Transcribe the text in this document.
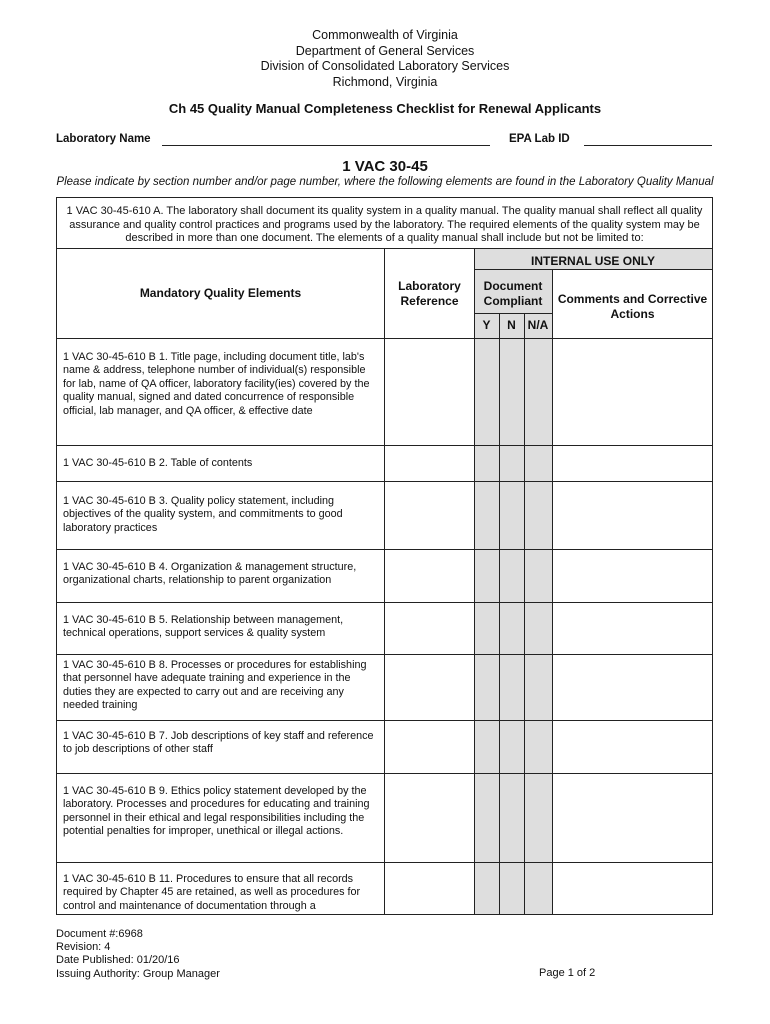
Commonwealth of Virginia
Department of General Services
Division of Consolidated Laboratory Services
Richmond, Virginia
Ch 45 Quality Manual Completeness Checklist for Renewal Applicants
Laboratory Name	EPA Lab ID
1 VAC 30-45
Please indicate by section number and/or page number, where the following elements are found in the Laboratory Quality Manual
1 VAC 30-45-610 A. The laboratory shall document its quality system in a quality manual. The quality manual shall reflect all quality assurance and quality control practices and programs used by the laboratory. The required elements of the quality system may be described in more than one document. The elements of a quality manual shall include but not be limited to:
Mandatory Quality Elements	Laboratory Reference
INTERNAL USE ONLY
Document Compliant
Y	N N/A
Comments and Corrective Actions
1 VAC 30-45-610 B 1. Title page, including document title, lab's name & address, telephone number of individual(s) responsible for lab, name of QA officer, laboratory facility(ies) covered by the quality manual, signed and dated concurrence of responsible official, lab manager, and QA officer, & effective date
1 VAC 30-45-610 B 2. Table of contents
1 VAC 30-45-610 B 3. Quality policy statement, including objectives of the quality system, and commitments to good laboratory practices
1 VAC 30-45-610 B 4. Organization & management structure, organizational charts, relationship to parent organization
1 VAC 30-45-610 B 5. Relationship between management, technical operations, support services & quality system
1 VAC 30-45-610 B 8. Processes or procedures for establishing that personnel have adequate training and experience in the duties they are expected to carry out and are receiving any needed training
1 VAC 30-45-610 B 7. Job descriptions of key staff and reference to job descriptions of other staff
1 VAC 30-45-610 B 9. Ethics policy statement developed by the laboratory. Processes and procedures for educating and training personnel in their ethical and legal responsibilities including the potential penalties for improper, unethical or illegal actions.
1 VAC 30-45-610 B 11. Procedures to ensure that all records required by Chapter 45 are retained, as well as procedures for control and maintenance of documentation through a
Document #:6968
Revision: 4
Date Published: 01/20/16
Issuing Authority: Group Manager	Page 1 of 2
